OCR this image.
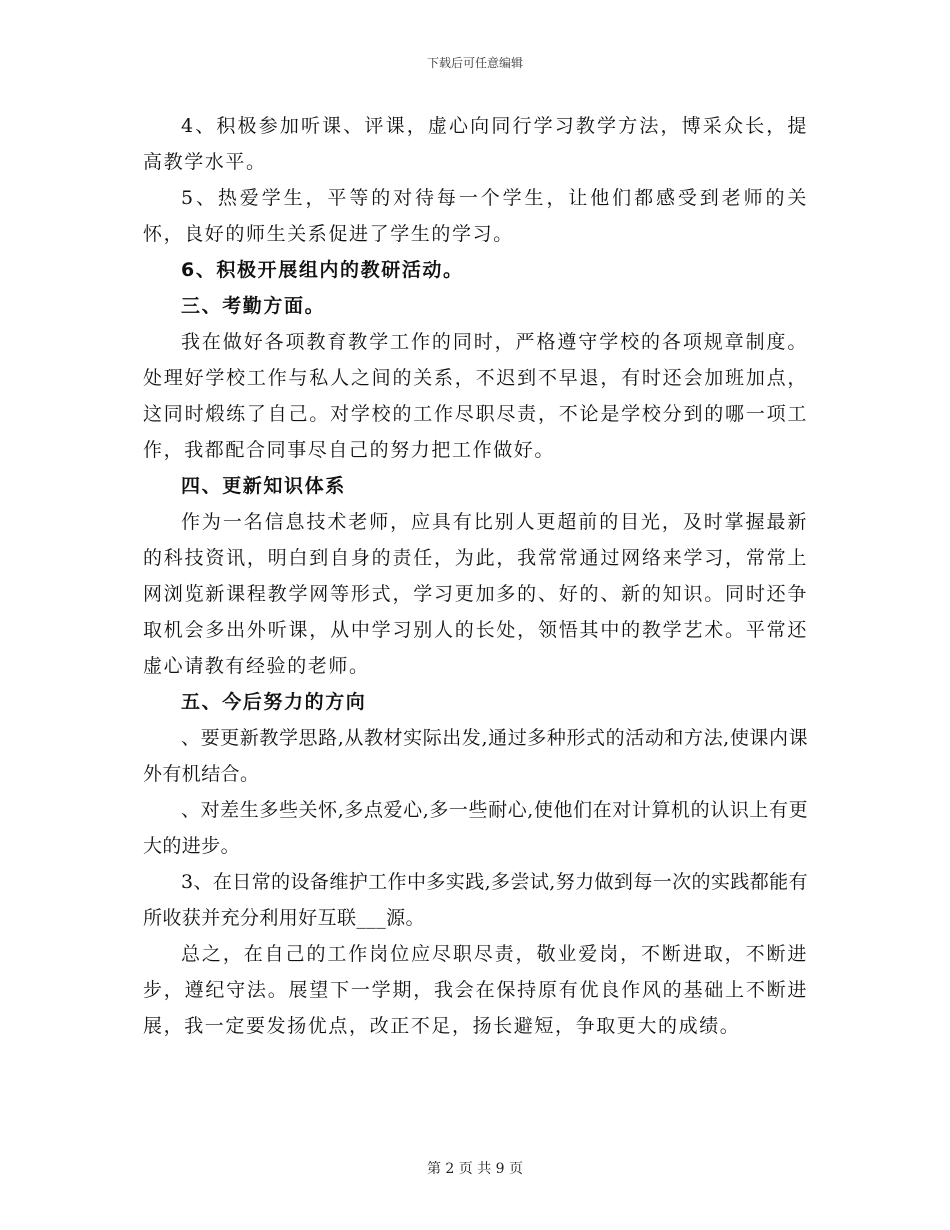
下载后可任意编辑

4、积极参加听课、评课，虚心向同行学习教学方法，博采众长，提高教学水平。

5、热爱学生，平等的对待每一个学生，让他们都感受到老师的关怀，良好的师生关系促进了学生的学习。

6、积极开展组内的教研活动。

三、考勤方面。

我在做好各项教育教学工作的同时，严格遵守学校的各项规章制度。处理好学校工作与私人之间的关系，不迟到不早退，有时还会加班加点，这同时煅练了自己。对学校的工作尽职尽责，不论是学校分到的哪一项工作，我都配合同事尽自己的努力把工作做好。

四、更新知识体系

作为一名信息技术老师，应具有比别人更超前的目光，及时掌握最新的科技资讯，明白到自身的责任，为此，我常常通过网络来学习，常常上网浏览新课程教学网等形式，学习更加多的、好的、新的知识。同时还争取机会多出外听课，从中学习别人的长处，领悟其中的教学艺术。平常还虚心请教有经验的老师。

五、今后努力的方向

、要更新教学思路,从教材实际出发,通过多种形式的活动和方法,使课内课外有机结合。

、对差生多些关怀,多点爱心,多一些耐心,使他们在对计算机的认识上有更大的进步。

3、在日常的设备维护工作中多实践,多尝试,努力做到每一次的实践都能有所收获并充分利用好互联___源。

总之，在自己的工作岗位应尽职尽责，敬业爱岗，不断进取，不断进步，遵纪守法。展望下一学期，我会在保持原有优良作风的基础上不断进展，我一定要发扬优点，改正不足，扬长避短，争取更大的成绩。

第 2 页 共 9 页
